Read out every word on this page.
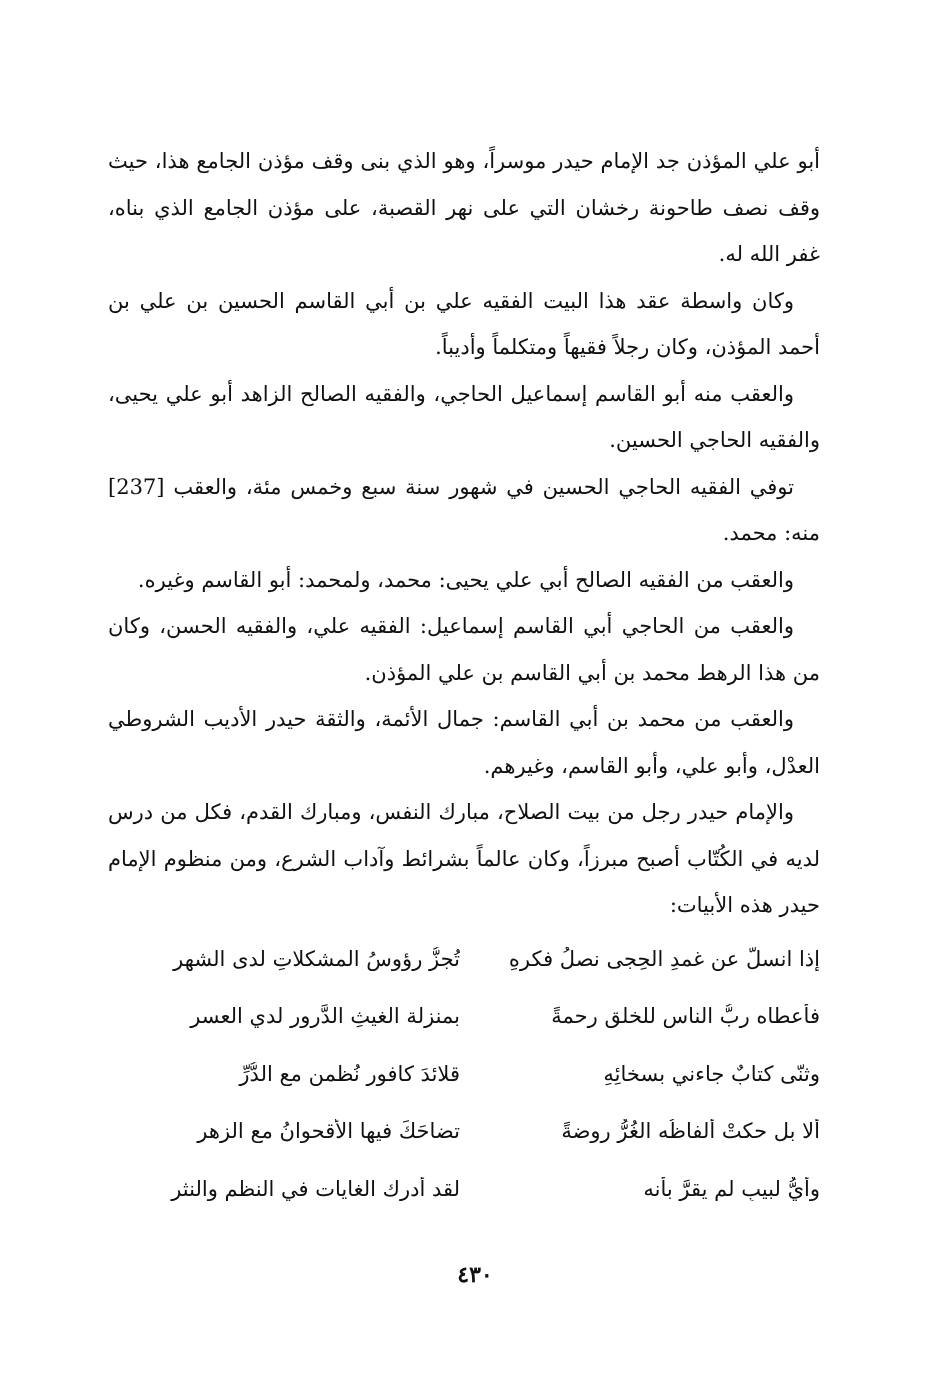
أبو علي المؤذن جد الإمام حيدر موسراً، وهو الذي بنى وقف مؤذن الجامع هذا، حيث وقف نصف طاحونة رخشان التي على نهر القصبة، على مؤذن الجامع الذي بناه، غفر الله له.

وكان واسطة عقد هذا البيت الفقيه علي بن أبي القاسم الحسين بن علي بن أحمد المؤذن، وكان رجلاً فقيهاً ومتكلماً وأديباً.

والعقب منه أبو القاسم إسماعيل الحاجي، والفقيه الصالح الزاهد أبو علي يحيى، والفقيه الحاجي الحسين.

توفي الفقيه الحاجي الحسين في شهور سنة سبع وخمس مئة، والعقب [237] منه: محمد.

والعقب من الفقيه الصالح أبي علي يحيى: محمد، ولمحمد: أبو القاسم وغيره.

والعقب من الحاجي أبي القاسم إسماعيل: الفقيه علي، والفقيه الحسن، وكان من هذا الرهط محمد بن أبي القاسم بن علي المؤذن.

والعقب من محمد بن أبي القاسم: جمال الأئمة، والثقة حيدر الأديب الشروطي العدْل، وأبو علي، وأبو القاسم، وغيرهم.

والإمام حيدر رجل من بيت الصلاح، مبارك النفس، ومبارك القدم، فكل من درس لديه في الكُتّاب أصبح مبرزاً، وكان عالماً بشرائط وآداب الشرع، ومن منظوم الإمام حيدر هذه الأبيات:

إذا انسلَّ عن غمدِ الحِجى نصلُ فكرِهِ
تُجزُّ رؤوسُ المشكلاتِ لدى الشهرِ
فأعطاه ربُّ الناسِ للخلقِ رحمةً
بمنزلة الغيثِ الدَّرور لدي العسرِ
وثنّى كتابٌ جاءني بسخائِهِ
قلائدَ كافورٍ نُظمن مع الدُّرِّ
ألا بل حكتْ ألفاظُه الغُرُّ روضةً
تضاحَكَ فيها الأقحوانُ مع الزهرِ
وأيُّ لبيبٍ لم يقرَّ بأنه
لقد أدرك الغايات في النظمِ والنثرِ
٤٣٠
